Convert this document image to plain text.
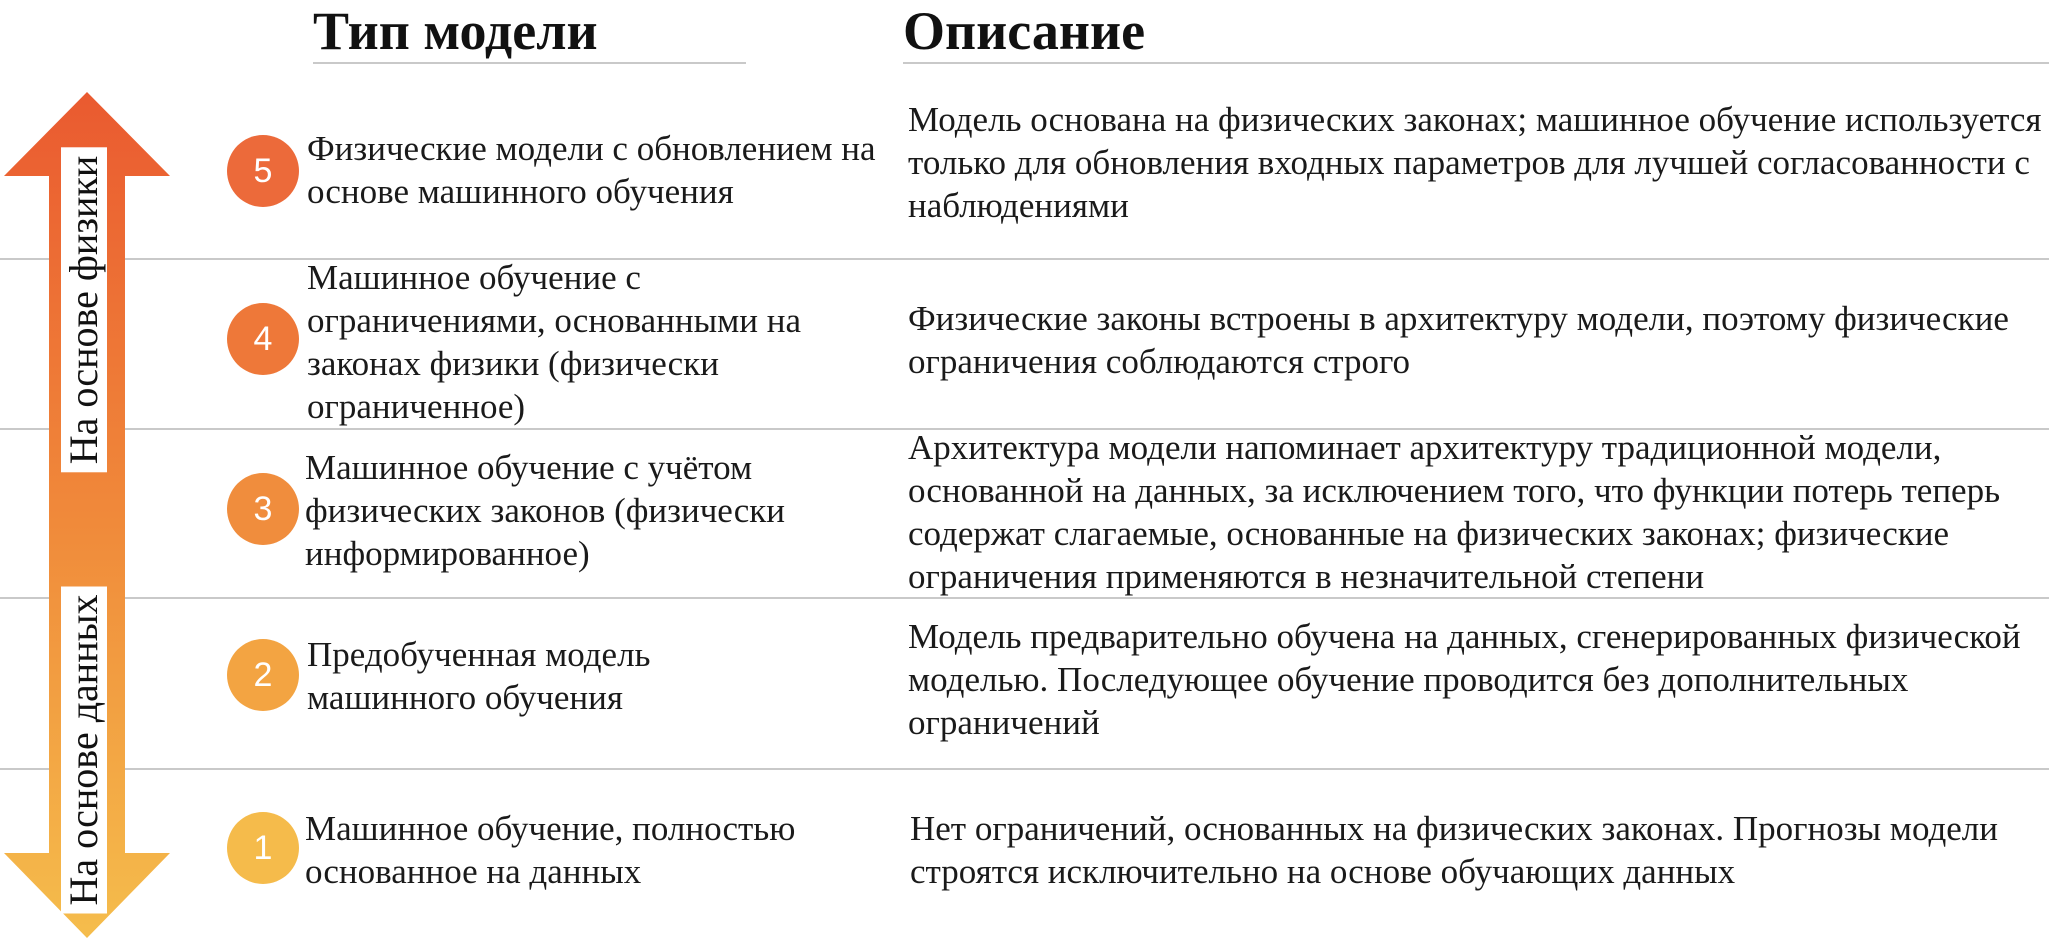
Тип модели	Описание
На основе физики
На основе данных
5
Физические модели с обновлением на основе машинного обучения
Модель основана на физических законах; машинное обучение используется только для обновления входных параметров для лучшей согласованности с наблюдениями
4
Машинное обучение с ограничениями, основанными на законах физики (физически ограниченное)
Физические законы встроены в архитектуру модели, поэтому физические ограничения соблюдаются строго
3
Машинное обучение с учётом физических законов (физически информированное)
Архитектура модели напоминает архитектуру традиционной модели, основанной на данных, за исключением того, что функции потерь теперь содержат слагаемые, основанные на физических законах; физические ограничения применяются в незначительной степени
2
Предобученная модель машинного обучения
Модель предварительно обучена на данных, сгенерированных физической моделью. Последующее обучение проводится без дополнительных ограничений
1 Машинное обучение, полностью основанное на данных
Нет ограничений, основанных на физических законах. Прогнозы модели строятся исключительно на основе обучающих данных
